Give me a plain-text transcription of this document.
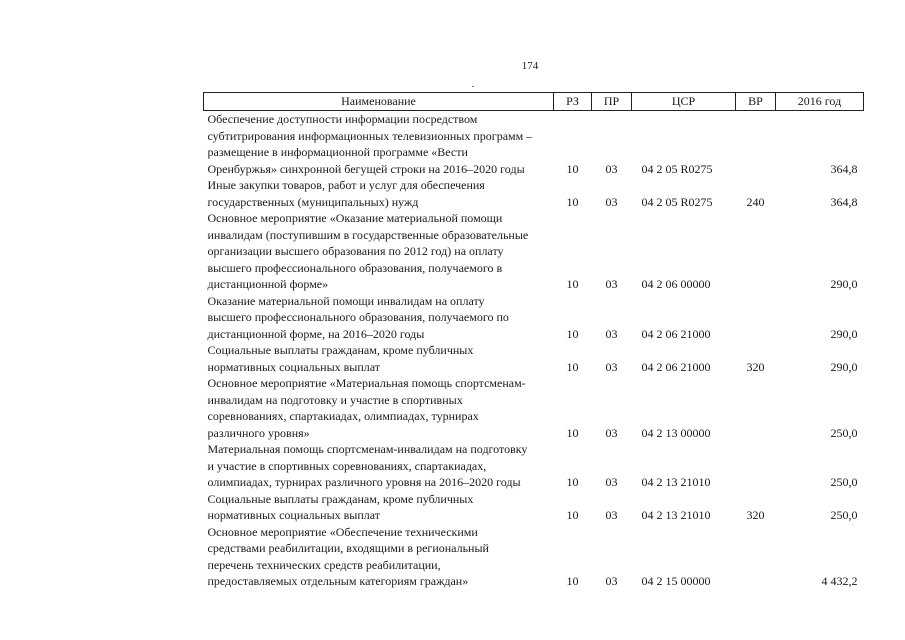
174
Наименование	РЗ	ПР	ЦСР	ВР	2016 год

Обеспечение доступности информации посредством
субтитрирования информационных телевизионных программ –
размещение в информационной программе «Вести
Оренбуржья» синхронной бегущей строки на 2016–2020 годы	10	03	04 2 05 R0275		364,8

Иные закупки товаров, работ и услуг для обеспечения
государственных (муниципальных) нужд	10	03	04 2 05 R0275	240	364,8

Основное мероприятие «Оказание материальной помощи
инвалидам (поступившим в государственные образовательные
организации высшего образования по 2012 год) на оплату
высшего профессионального образования, получаемого в
дистанционной форме»	10	03	04 2 06 00000		290,0

Оказание материальной помощи инвалидам на оплату
высшего профессионального образования, получаемого по
дистанционной форме, на 2016–2020 годы	10	03	04 2 06 21000		290,0

Социальные выплаты гражданам, кроме публичных
нормативных социальных выплат	10	03	04 2 06 21000	320	290,0

Основное мероприятие «Материальная помощь спортсменам-
инвалидам на подготовку и участие в спортивных
соревнованиях, спартакиадах, олимпиадах, турнирах
различного уровня»	10	03	04 2 13 00000		250,0

Материальная помощь спортсменам-инвалидам на подготовку
и участие в спортивных соревнованиях, спартакиадах,
олимпиадах, турнирах различного уровня на 2016–2020 годы	10	03	04 2 13 21010		250,0

Социальные выплаты гражданам, кроме публичных
нормативных социальных выплат	10	03	04 2 13 21010	320	250,0

Основное мероприятие «Обеспечение техническими
средствами реабилитации, входящими в региональный
перечень технических средств реабилитации,
предоставляемых отдельным категориям граждан»	10	03	04 2 15 00000		4 432,2
